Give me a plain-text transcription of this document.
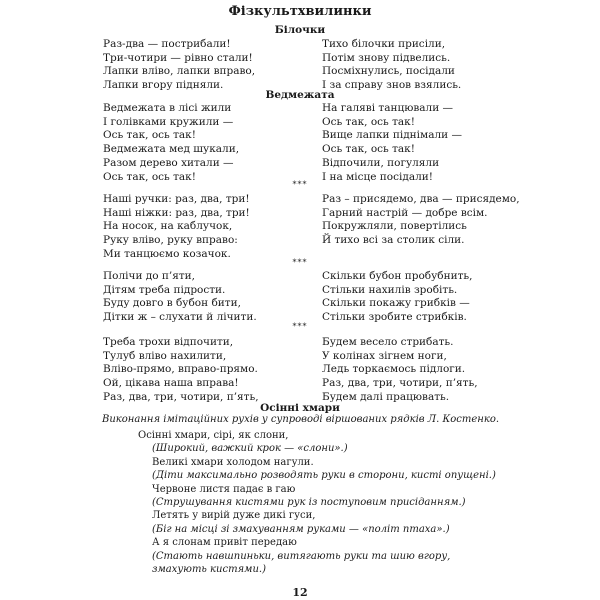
Фізкультхвилинки
Білочки
Раз-два — пострибали!
Три-чотири — рівно стали!
Лапки вліво, лапки вправо,
Лапки вгору підняли.
Тихо білочки присіли,
Потім знову підвелись.
Посміхнулись, посідали
І за справу знов взялись.
Ведмежата
Ведмежата в лісі жили
І голівками кружили —
Ось так, ось так!
Ведмежата мед шукали,
Разом дерево хитали —
Ось так, ось так!
На галяві танцювали —
Ось так, ось так!
Вище лапки піднімали —
Ось так, ось так!
Відпочили, погуляли
І на місце посідали!
***
Наші ручки: раз, два, три!
Наші ніжки: раз, два, три!
На носок, на каблучок,
Руку вліво, руку вправо:
Ми танцюємо козачок.
Раз – присядемо, два — присядемо,
Гарний настрій — добре всім.
Покружляли, повертілись
Й тихо всі за столик сіли.
***
Полічи до п’яти,
Дітям треба підрости.
Буду довго в бубон бити,
Дітки ж – слухати й лічити.
Скільки бубон пробубнить,
Стільки нахилів зробіть.
Скільки покажу грибків —
Стільки зробите стрибків.
***
Треба трохи відпочити,
Тулуб вліво нахилити,
Вліво-прямо, вправо-прямо.
Ой, цікава наша вправа!
Раз, два, три, чотири, п’ять,
Будем весело стрибать.
У колінах зігнем ноги,
Ледь торкаємось підлоги.
Раз, два, три, чотири, п’ять,
Будем далі працювать.
Осінні хмари
Виконання імітаційних рухів у супроводі віршованих рядків Л. Костенко.
Осінні хмари, сірі, як слони,
(Широкий, важкий крок — «слони».)
Великі хмари холодом нагули.
(Діти максимально розводять руки в сторони, кисті опущені.)
Червоне листя падає в гаю
(Струшування кистями рук із поступовим присіданням.)
Летять у вирій дуже дикі гуси,
(Біг на місці зі змахуванням руками — «політ птаха».)
А я слонам привіт передаю
(Стають навшпиньки, витягають руки та шию вгору,
змахують кистями.)
12
